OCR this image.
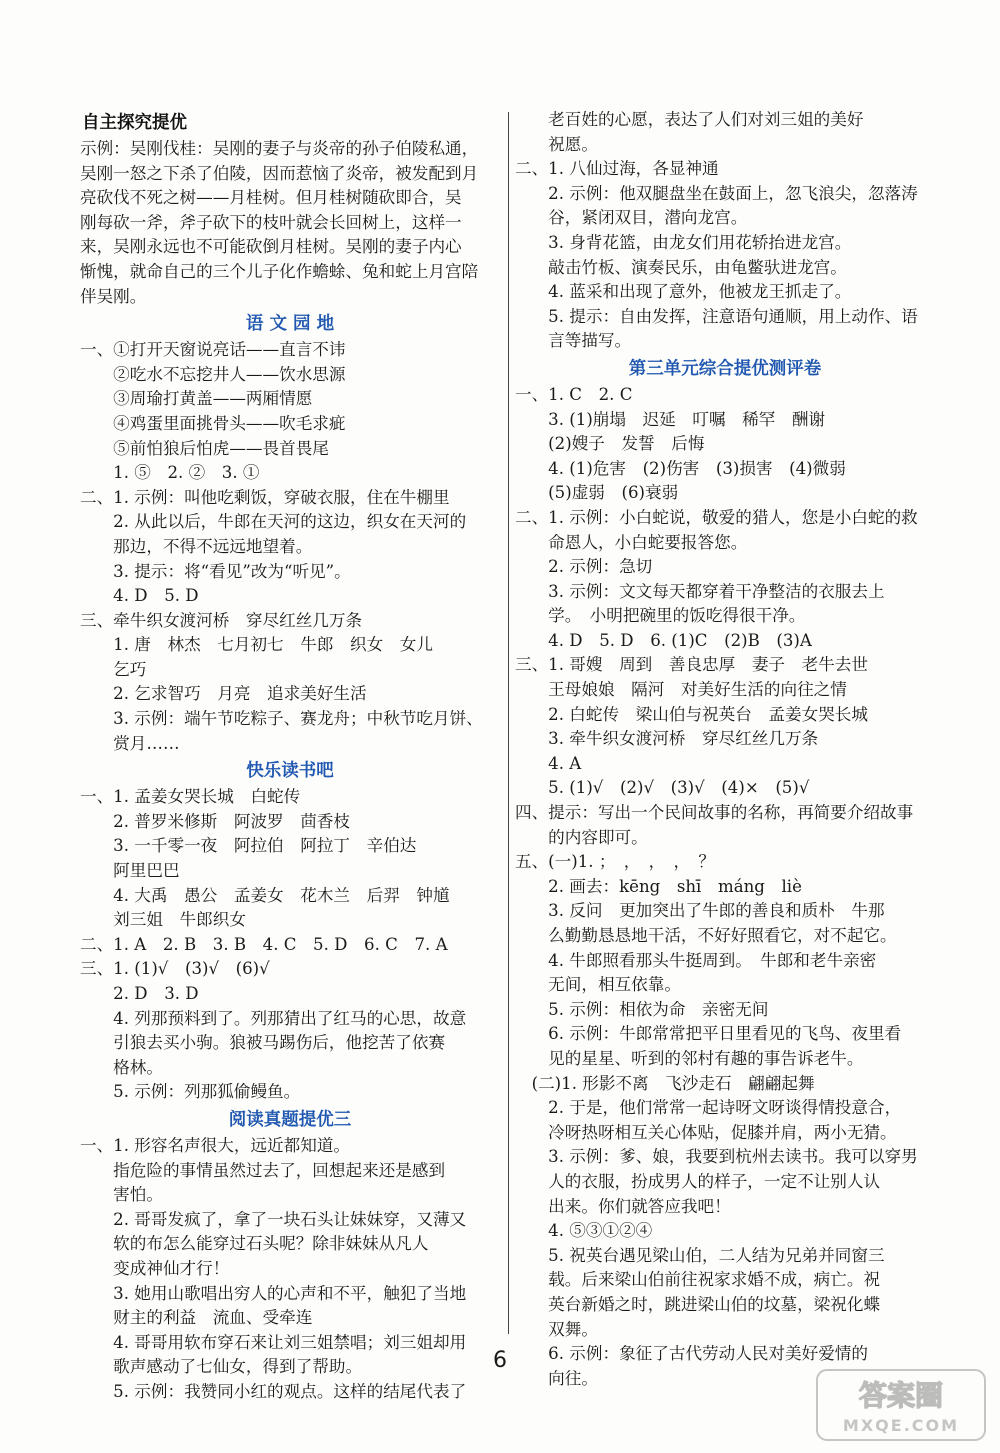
自主探究提优
示例：吴刚伐桂：吴刚的妻子与炎帝的孙子伯陵私通，
吴刚一怒之下杀了伯陵，因而惹恼了炎帝，被发配到月
亮砍伐不死之树——月桂树。但月桂树随砍即合，吴
刚每砍一斧，斧子砍下的枝叶就会长回树上，这样一
来，吴刚永远也不可能砍倒月桂树。吴刚的妻子内心
惭愧，就命自己的三个儿子化作蟾蜍、兔和蛇上月宫陪
伴吴刚。
语 文 园 地
一、①打开天窗说亮话——直言不讳
　　②吃水不忘挖井人——饮水思源
　　③周瑜打黄盖——两厢情愿
　　④鸡蛋里面挑骨头——吹毛求疵
　　⑤前怕狼后怕虎——畏首畏尾
　　1. ⑤　2. ②　3. ①
二、1. 示例：叫他吃剩饭，穿破衣服，住在牛棚里
　　2. 从此以后，牛郎在天河的这边，织女在天河的
　　那边，不得不远远地望着。
　　3. 提示：将“看见”改为“听见”。
　　4. D　5. D
三、牵牛织女渡河桥　穿尽红丝几万条
　　1. 唐　林杰　七月初七　牛郎　织女　女儿
　　乞巧
　　2. 乞求智巧　月亮　追求美好生活
　　3. 示例：端午节吃粽子、赛龙舟；中秋节吃月饼、
　　赏月……
快乐读书吧
一、1. 孟姜女哭长城　白蛇传
　　2. 普罗米修斯　阿波罗　茴香枝
　　3. 一千零一夜　阿拉伯　阿拉丁　辛伯达
　　阿里巴巴
　　4. 大禹　愚公　孟姜女　花木兰　后羿　钟馗
　　刘三姐　牛郎织女
二、1. A　2. B　3. B　4. C　5. D　6. C　7. A
三、1. (1)√　(3)√　(6)√
　　2. D　3. D
　　4. 列那预料到了。列那猜出了红马的心思，故意
　　引狼去买小驹。狼被马踢伤后，他挖苦了依赛
　　格林。
　　5. 示例：列那狐偷鳗鱼。
阅读真题提优三
一、1. 形容名声很大，远近都知道。
　　指危险的事情虽然过去了，回想起来还是感到
　　害怕。
　　2. 哥哥发疯了，拿了一块石头让妹妹穿，又薄又
　　软的布怎么能穿过石头呢？除非妹妹从凡人
　　变成神仙才行！
　　3. 她用山歌唱出穷人的心声和不平，触犯了当地
　　财主的利益　流血、受牵连
　　4. 哥哥用软布穿石来让刘三姐禁唱；刘三姐却用
　　歌声感动了七仙女，得到了帮助。
　　5. 示例：我赞同小红的观点。这样的结尾代表了
　　老百姓的心愿，表达了人们对刘三姐的美好
　　祝愿。
二、1. 八仙过海，各显神通
　　2. 示例：他双腿盘坐在鼓面上，忽飞浪尖，忽落涛
　　谷，紧闭双目，潜向龙宫。
　　3. 身背花篮，由龙女们用花轿抬进龙宫。
　　敲击竹板、演奏民乐，由龟鳖驮进龙宫。
　　4. 蓝采和出现了意外，他被龙王抓走了。
　　5. 提示：自由发挥，注意语句通顺，用上动作、语
　　言等描写。
第三单元综合提优测评卷
一、1. C　2. C
　　3. (1)崩塌　迟延　叮嘱　稀罕　酬谢
　　(2)嫂子　发誓　后悔
　　4. (1)危害　(2)伤害　(3)损害　(4)微弱
　　(5)虚弱　(6)衰弱
二、1. 示例：小白蛇说，敬爱的猎人，您是小白蛇的救
　　命恩人，小白蛇要报答您。
　　2. 示例：急切
　　3. 示例：文文每天都穿着干净整洁的衣服去上
　　学。　小明把碗里的饭吃得很干净。
　　4. D　5. D　6. (1)C　(2)B　(3)A
三、1. 哥嫂　周到　善良忠厚　妻子　老牛去世
　　王母娘娘　隔河　对美好生活的向往之情
　　2. 白蛇传　梁山伯与祝英台　孟姜女哭长城
　　3. 牵牛织女渡河桥　穿尽红丝几万条
　　4. A
　　5. (1)√　(2)√　(3)√　(4)×　(5)√
四、提示：写出一个民间故事的名称，再简要介绍故事
　　的内容即可。
五、(一)1. ；　，　，　，　？
　　2. 画去：kēng　shī　máng　liè
　　3. 反问　更加突出了牛郎的善良和质朴　牛那
　　么勤勤恳恳地干活，不好好照看它，对不起它。
　　4. 牛郎照看那头牛挺周到。　牛郎和老牛亲密
　　无间，相互依靠。
　　5. 示例：相依为命　亲密无间
　　6. 示例：牛郎常常把平日里看见的飞鸟、夜里看
　　见的星星、听到的邻村有趣的事告诉老牛。
　(二)1. 形影不离　飞沙走石　翩翩起舞
　　2. 于是，他们常常一起诗呀文呀谈得情投意合，
　　冷呀热呀相互关心体贴，促膝并肩，两小无猜。
　　3. 示例：爹、娘，我要到杭州去读书。我可以穿男
　　人的衣服，扮成男人的样子，一定不让别人认
　　出来。你们就答应我吧！
　　4. ⑤③①②④
　　5. 祝英台遇见梁山伯，二人结为兄弟并同窗三
　　载。后来梁山伯前往祝家求婚不成，病亡。祝
　　英台新婚之时，跳进梁山伯的坟墓，梁祝化蝶
　　双舞。
　　6. 示例：象征了古代劳动人民对美好爱情的
　　向往。
6
答案圈
MXQE.COM
